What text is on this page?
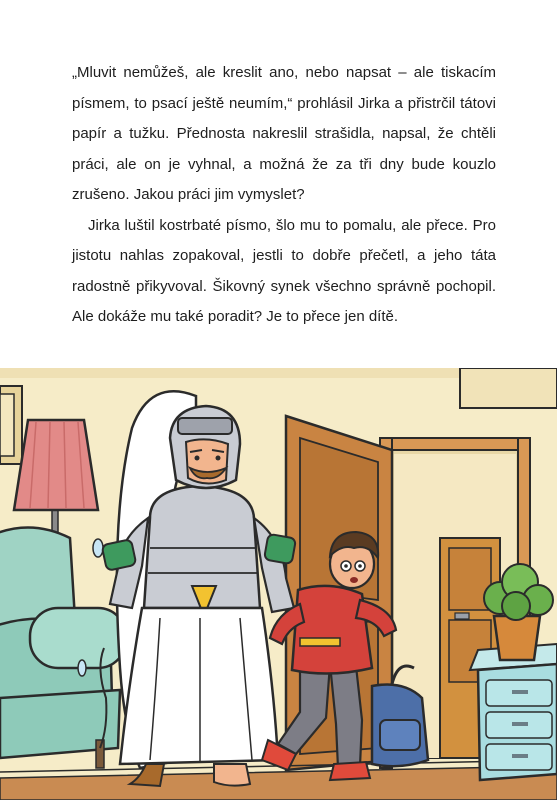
„Mluvit nemůžeš, ale kreslit ano, nebo napsat – ale tiskacím písmem, to psací ještě neumím,“ prohlásil Jirka a přistrčil tátovi papír a tužku. Přednosta nakreslil strašidla, napsal, že chtěli práci, ale on je vyhnal, a možná že za tři dny bude kouzlo zrušeno. Jakou práci jim vymyslet?

Jirka luštil kostrbaté písmo, šlo mu to pomalu, ale přece. Pro jistotu nahlas zopakoval, jestli to dobře přečetl, a jeho táta radostně přikyvoval. Šikovný synek všechno správně pochopil. Ale dokáže mu také poradit? Je to přece jen dítě.
